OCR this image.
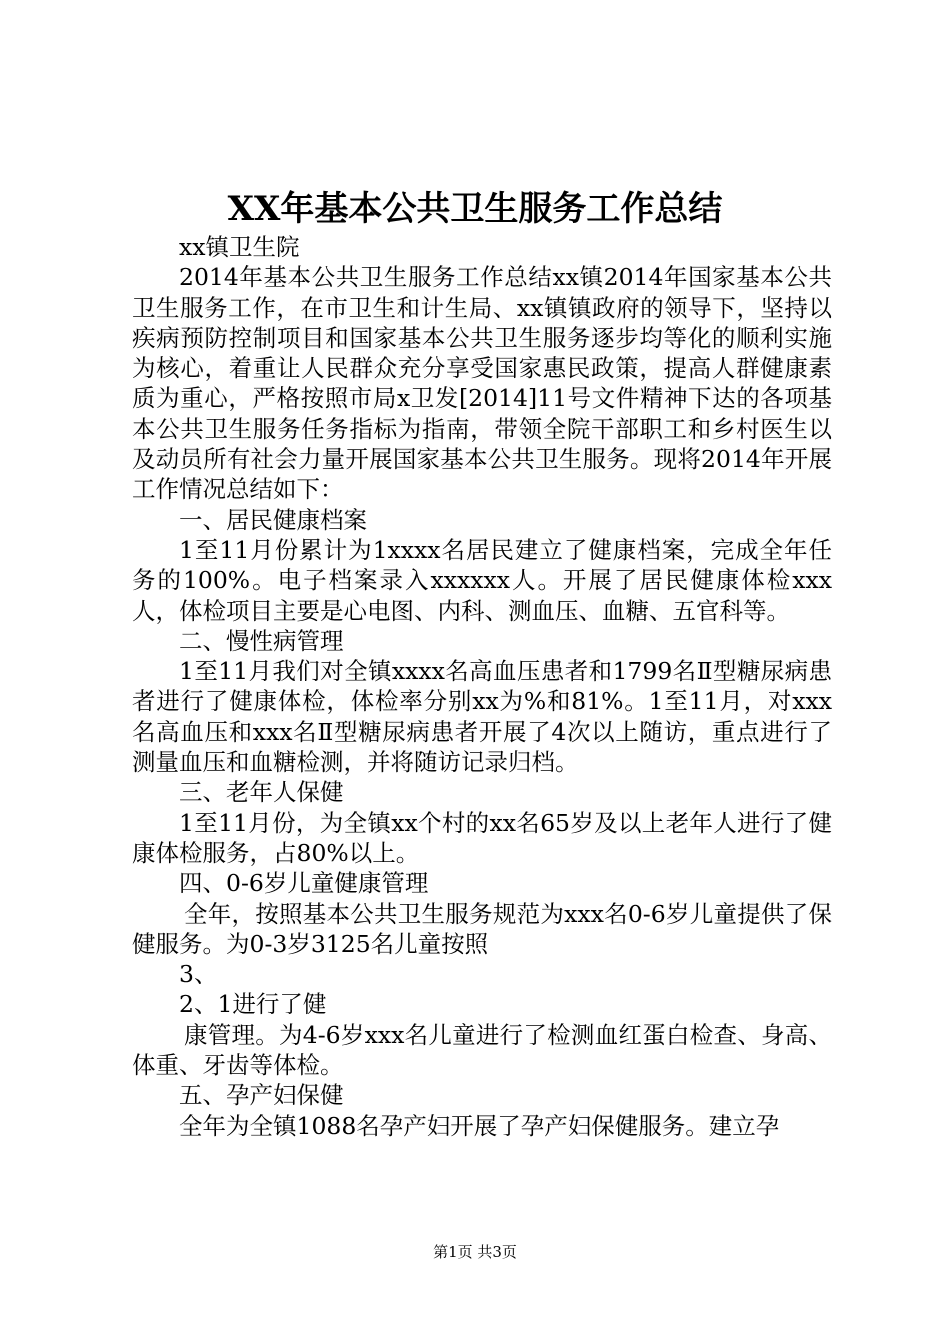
XX年基本公共卫生服务工作总结

xx镇卫生院

2014年基本公共卫生服务工作总结xx镇2014年国家基本公共卫生服务工作，在市卫生和计生局、xx镇镇政府的领导下，坚持以疾病预防控制项目和国家基本公共卫生服务逐步均等化的顺利实施为核心，着重让人民群众充分享受国家惠民政策，提高人群健康素质为重心，严格按照市局x卫发[2014]11号文件精神下达的各项基本公共卫生服务任务指标为指南，带领全院干部职工和乡村医生以及动员所有社会力量开展国家基本公共卫生服务。现将2014年开展工作情况总结如下：

一、居民健康档案

1至11月份累计为1xxxx名居民建立了健康档案，完成全年任务的100%。电子档案录入xxxxxx人。开展了居民健康体检xxx人，体检项目主要是心电图、内科、测血压、血糖、五官科等。

二、慢性病管理

1至11月我们对全镇xxxx名高血压患者和1799名Ⅱ型糖尿病患者进行了健康体检，体检率分别xx为%和81%。1至11月，对xxx名高血压和xxx名Ⅱ型糖尿病患者开展了4次以上随访，重点进行了测量血压和血糖检测，并将随访记录归档。

三、老年人保健

1至11月份，为全镇xx个村的xx名65岁及以上老年人进行了健康体检服务，占80%以上。

四、0-6岁儿童健康管理

全年，按照基本公共卫生服务规范为xxx名0-6岁儿童提供了保健服务。为0-3岁3125名儿童按照

3、

2、1进行了健

康管理。为4-6岁xxx名儿童进行了检测血红蛋白检查、身高、体重、牙齿等体检。

五、孕产妇保健

全年为全镇1088名孕产妇开展了孕产妇保健服务。建立孕

第1页 共3页
